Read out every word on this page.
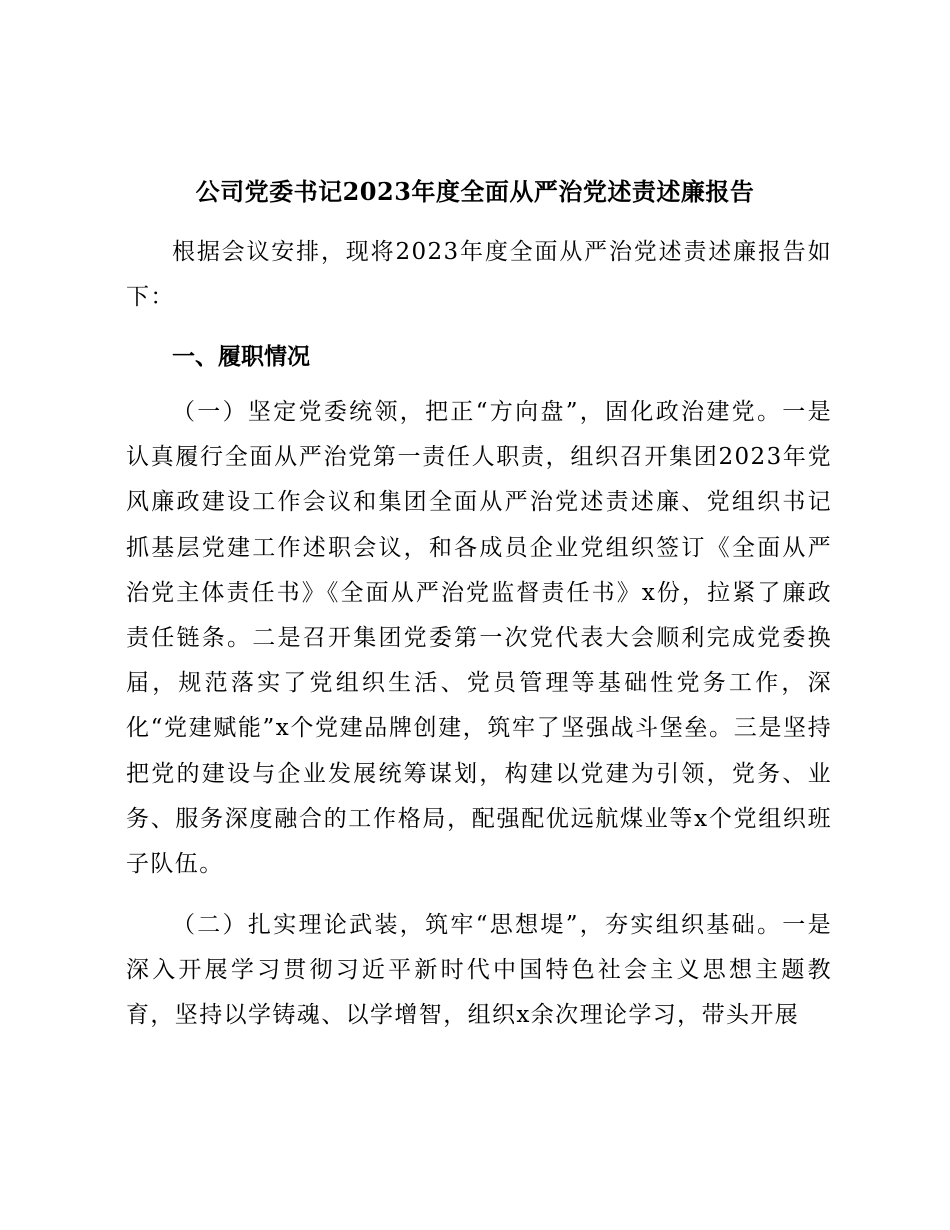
公司党委书记2023年度全面从严治党述责述廉报告
根据会议安排，现将2023年度全面从严治党述责述廉报告如下：
一、履职情况
（一）坚定党委统领，把正“方向盘”，固化政治建党。一是认真履行全面从严治党第一责任人职责，组织召开集团2023年党风廉政建设工作会议和集团全面从严治党述责述廉、党组织书记抓基层党建工作述职会议，和各成员企业党组织签订《全面从严治党主体责任书》《全面从严治党监督责任书》x份，拉紧了廉政责任链条。二是召开集团党委第一次党代表大会顺利完成党委换届，规范落实了党组织生活、党员管理等基础性党务工作，深化“党建赋能”x个党建品牌创建，筑牢了坚强战斗堡垒。三是坚持把党的建设与企业发展统筹谋划，构建以党建为引领，党务、业务、服务深度融合的工作格局，配强配优远航煤业等x个党组织班子队伍。
（二）扎实理论武装，筑牢“思想堤”，夯实组织基础。一是深入开展学习贯彻习近平新时代中国特色社会主义思想主题教育，坚持以学铸魂、以学增智，组织x余次理论学习，带头开展
